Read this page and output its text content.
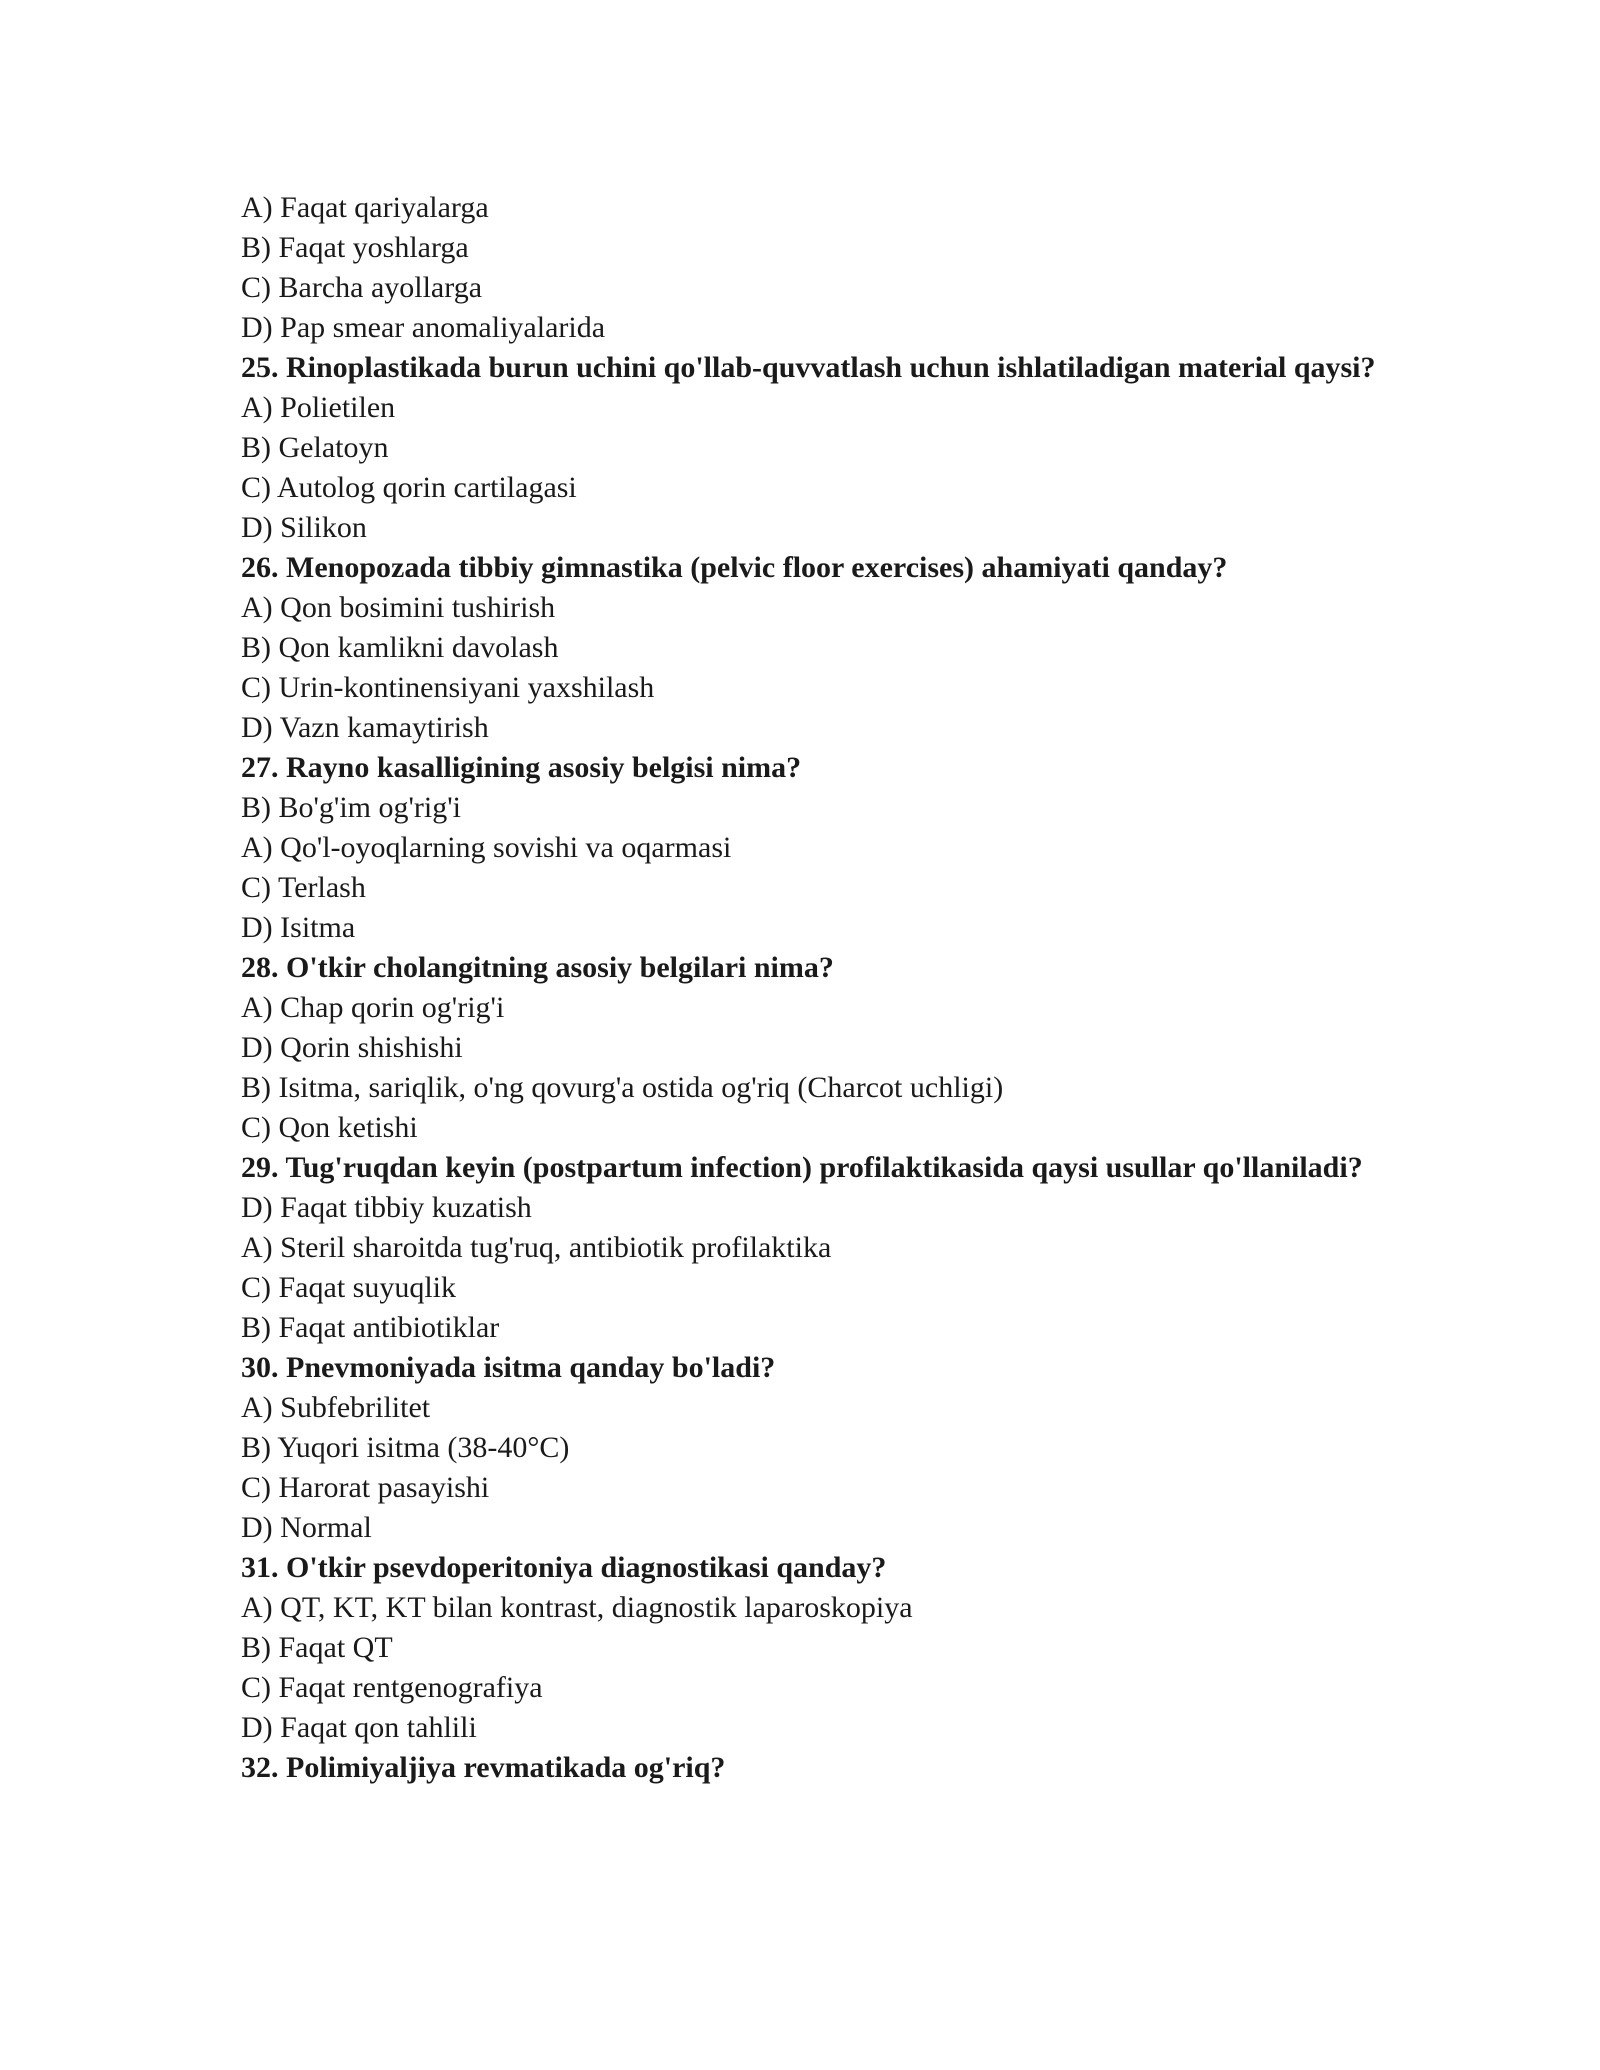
A) Faqat qariyalarga
B) Faqat yoshlarga
C) Barcha ayollarga
D) Pap smear anomaliyalarida
25. Rinoplastikada burun uchini qo'llab-quvvatlash uchun ishlatiladigan material qaysi?
A) Polietilen
B) Gelatoyn
C) Autolog qorin cartilagasi
D) Silikon
26. Menopozada tibbiy gimnastika (pelvic floor exercises) ahamiyati qanday?
A) Qon bosimini tushirish
B) Qon kamlikni davolash
C) Urin-kontinensiyani yaxshilash
D) Vazn kamaytirish
27. Rayno kasalligining asosiy belgisi nima?
B) Bo'g'im og'rig'i
A) Qo'l-oyoqlarning sovishi va oqarmasi
C) Terlash
D) Isitma
28. O'tkir cholangitning asosiy belgilari nima?
A) Chap qorin og'rig'i
D) Qorin shishishi
B) Isitma, sariqlik, o'ng qovurg'a ostida og'riq (Charcot uchligi)
C) Qon ketishi
29. Tug'ruqdan keyin (postpartum infection) profilaktikasida qaysi usullar qo'llaniladi?
D) Faqat tibbiy kuzatish
A) Steril sharoitda tug'ruq, antibiotik profilaktika
C) Faqat suyuqlik
B) Faqat antibiotiklar
30. Pnevmoniyada isitma qanday bo'ladi?
A) Subfebrilitet
B) Yuqori isitma (38-40°C)
C) Harorat pasayishi
D) Normal
31. O'tkir psevdoperitoniya diagnostikasi qanday?
A) QT, KT, KT bilan kontrast, diagnostik laparoskopiya
B) Faqat QT
C) Faqat rentgenografiya
D) Faqat qon tahlili
32. Polimiyaljiya revmatikada og'riq?
